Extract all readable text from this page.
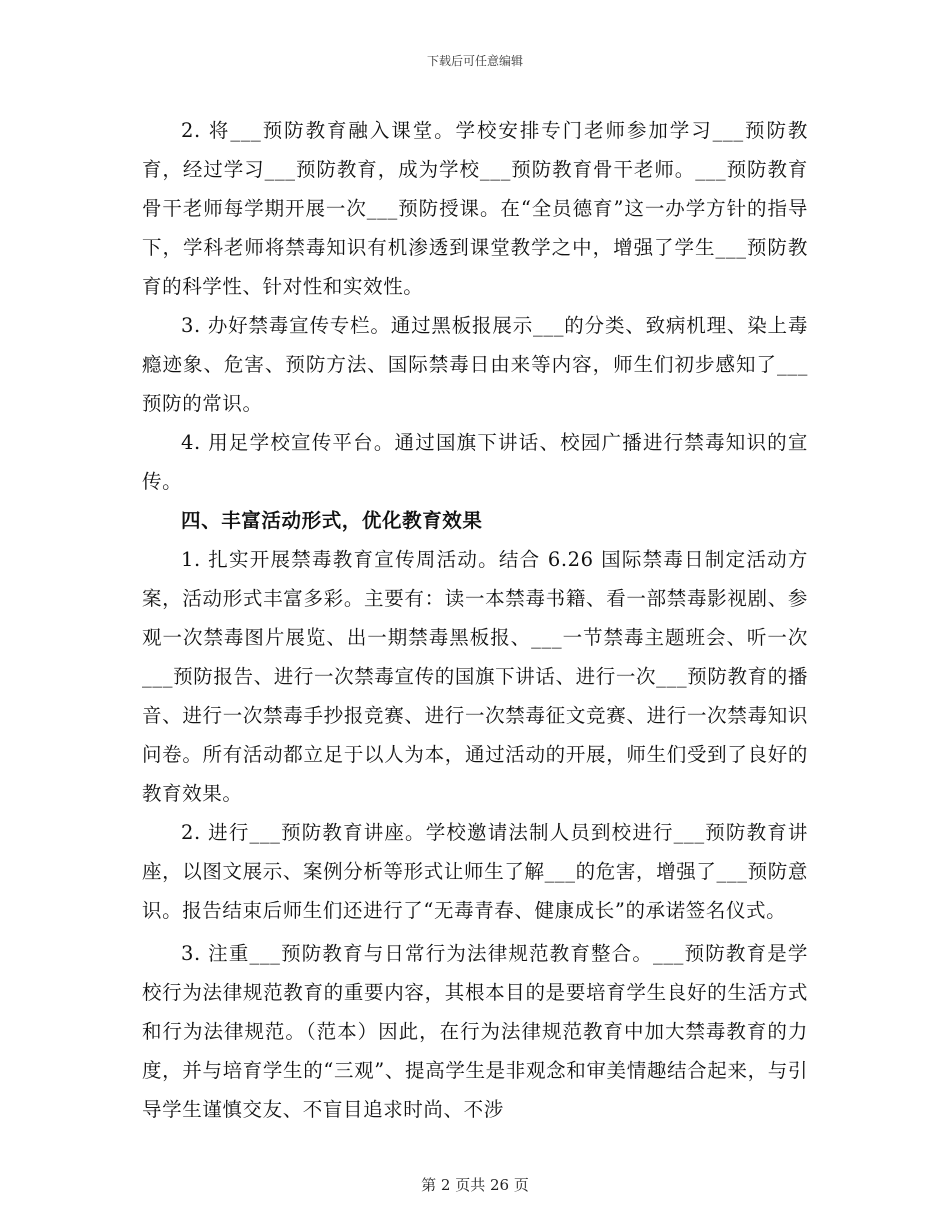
下载后可任意编辑

2. 将___预防教育融入课堂。学校安排专门老师参加学习___预防教育，经过学习___预防教育，成为学校___预防教育骨干老师。___预防教育骨干老师每学期开展一次___预防授课。在“全员德育”这一办学方针的指导下，学科老师将禁毒知识有机渗透到课堂教学之中，增强了学生___预防教育的科学性、针对性和实效性。

3. 办好禁毒宣传专栏。通过黑板报展示___的分类、致病机理、染上毒瘾迹象、危害、预防方法、国际禁毒日由来等内容，师生们初步感知了___预防的常识。

4. 用足学校宣传平台。通过国旗下讲话、校园广播进行禁毒知识的宣传。

四、丰富活动形式，优化教育效果

1. 扎实开展禁毒教育宣传周活动。结合 6.26 国际禁毒日制定活动方案，活动形式丰富多彩。主要有：读一本禁毒书籍、看一部禁毒影视剧、参观一次禁毒图片展览、出一期禁毒黑板报、___一节禁毒主题班会、听一次___预防报告、进行一次禁毒宣传的国旗下讲话、进行一次___预防教育的播音、进行一次禁毒手抄报竞赛、进行一次禁毒征文竞赛、进行一次禁毒知识问卷。所有活动都立足于以人为本，通过活动的开展，师生们受到了良好的教育效果。

2. 进行___预防教育讲座。学校邀请法制人员到校进行___预防教育讲座，以图文展示、案例分析等形式让师生了解___的危害，增强了___预防意识。报告结束后师生们还进行了“无毒青春、健康成长”的承诺签名仪式。

3. 注重___预防教育与日常行为法律规范教育整合。___预防教育是学校行为法律规范教育的重要内容，其根本目的是要培育学生良好的生活方式和行为法律规范。（范本）因此，在行为法律规范教育中加大禁毒教育的力度，并与培育学生的“三观”、提高学生是非观念和审美情趣结合起来，与引导学生谨慎交友、不盲目追求时尚、不涉

第 2 页共 26 页
